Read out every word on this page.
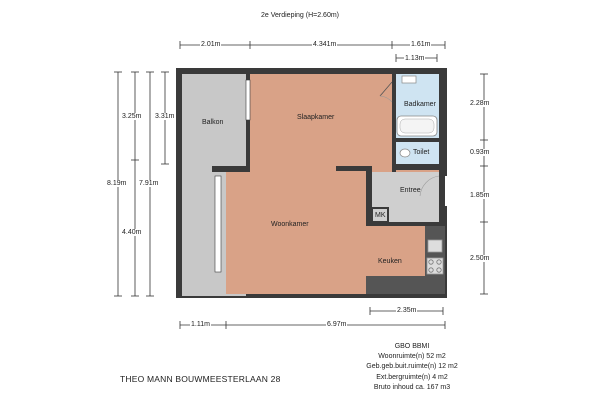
2e Verdieping (H=2.60m)
2.01m	4.341m	1.61m
1.13m
3.25m 3.31m
8.19m 7.91m
4.40m
2.28m
0.93m
1.85m
2.50m
2.35m
1.11m	6.97m
Balkon
Slaapkamer
Badkamer
Toilet
Entree
MK
Woonkamer
Keuken
GBO BBMI
Woonruimte(n) 52 m2
Geb.geb.buit.ruimte(n) 12 m2
Ext.bergruimte(n) 4 m2
Bruto inhoud ca. 167 m3
THEO MANN BOUWMEESTERLAAN 28
